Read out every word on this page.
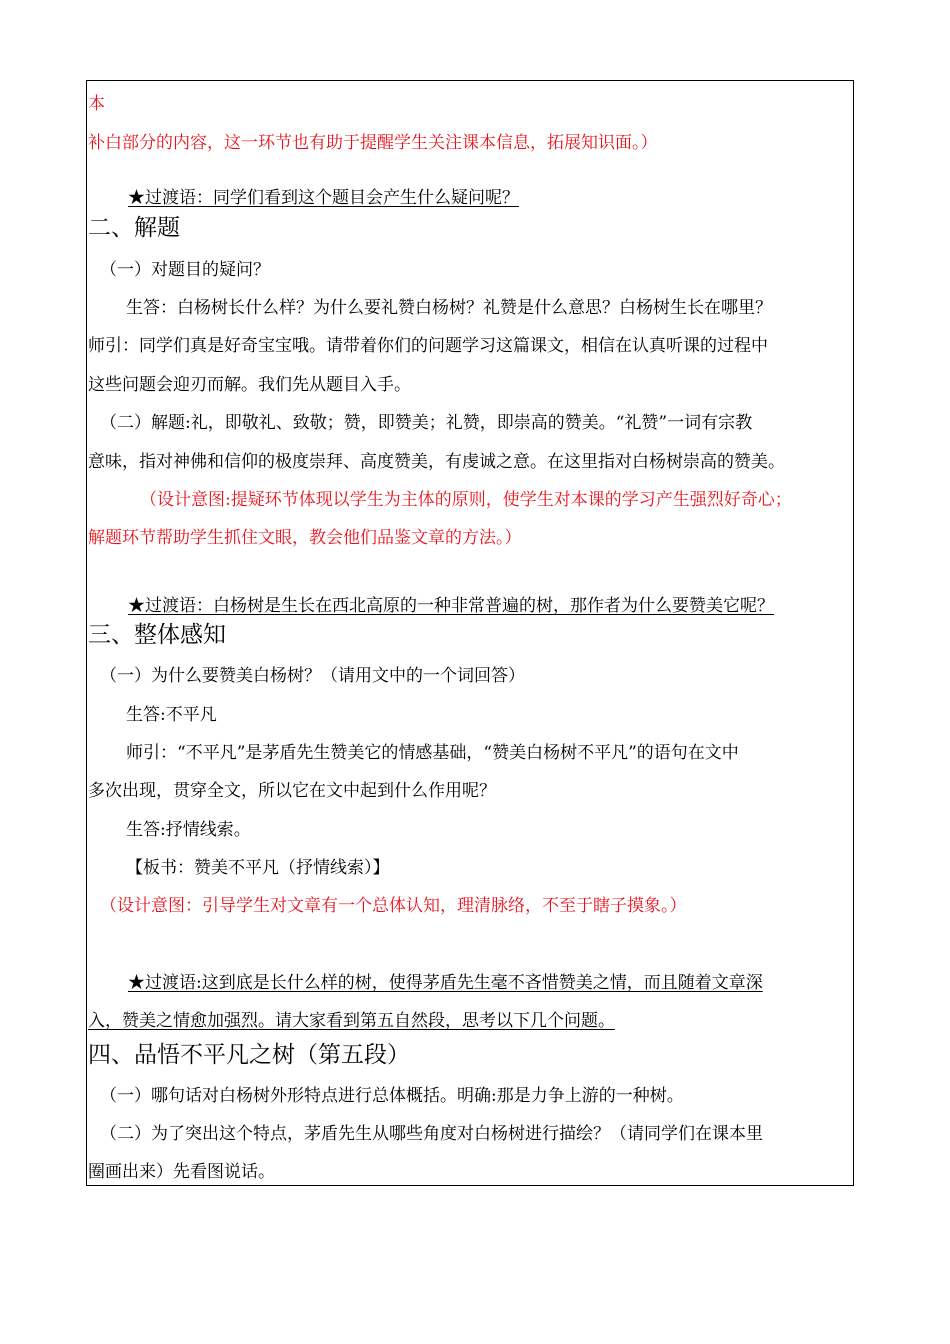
本
补白部分的内容，这一环节也有助于提醒学生关注课本信息，拓展知识面。）
★过渡语：同学们看到这个题目会产生什么疑问呢？
二、解题
（一）对题目的疑问？
生答：白杨树长什么样？为什么要礼赞白杨树？礼赞是什么意思？白杨树生长在哪里？
师引：同学们真是好奇宝宝哦。请带着你们的问题学习这篇课文，相信在认真听课的过程中
这些问题会迎刃而解。我们先从题目入手。
（二）解题:礼，即敬礼、致敬；赞，即赞美；礼赞，即崇高的赞美。“礼赞”一词有宗教
意味，指对神佛和信仰的极度崇拜、高度赞美，有虔诚之意。在这里指对白杨树崇高的赞美。
（设计意图:提疑环节体现以学生为主体的原则，使学生对本课的学习产生强烈好奇心；
解题环节帮助学生抓住文眼，教会他们品鉴文章的方法。）
★过渡语：白杨树是生长在西北高原的一种非常普遍的树，那作者为什么要赞美它呢？
三、整体感知
（一）为什么要赞美白杨树？（请用文中的一个词回答）
生答:不平凡
师引：“不平凡”是茅盾先生赞美它的情感基础，“赞美白杨树不平凡”的语句在文中
多次出现，贯穿全文，所以它在文中起到什么作用呢？
生答:抒情线索。
【板书：赞美不平凡（抒情线索）】
（设计意图：引导学生对文章有一个总体认知，理清脉络，不至于瞎子摸象。）
★过渡语:这到底是长什么样的树，使得茅盾先生毫不吝惜赞美之情，而且随着文章深
入，赞美之情愈加强烈。请大家看到第五自然段，思考以下几个问题。
四、品悟不平凡之树（第五段）
（一）哪句话对白杨树外形特点进行总体概括。明确:那是力争上游的一种树。
（二）为了突出这个特点，茅盾先生从哪些角度对白杨树进行描绘？（请同学们在课本里
圈画出来）先看图说话。
